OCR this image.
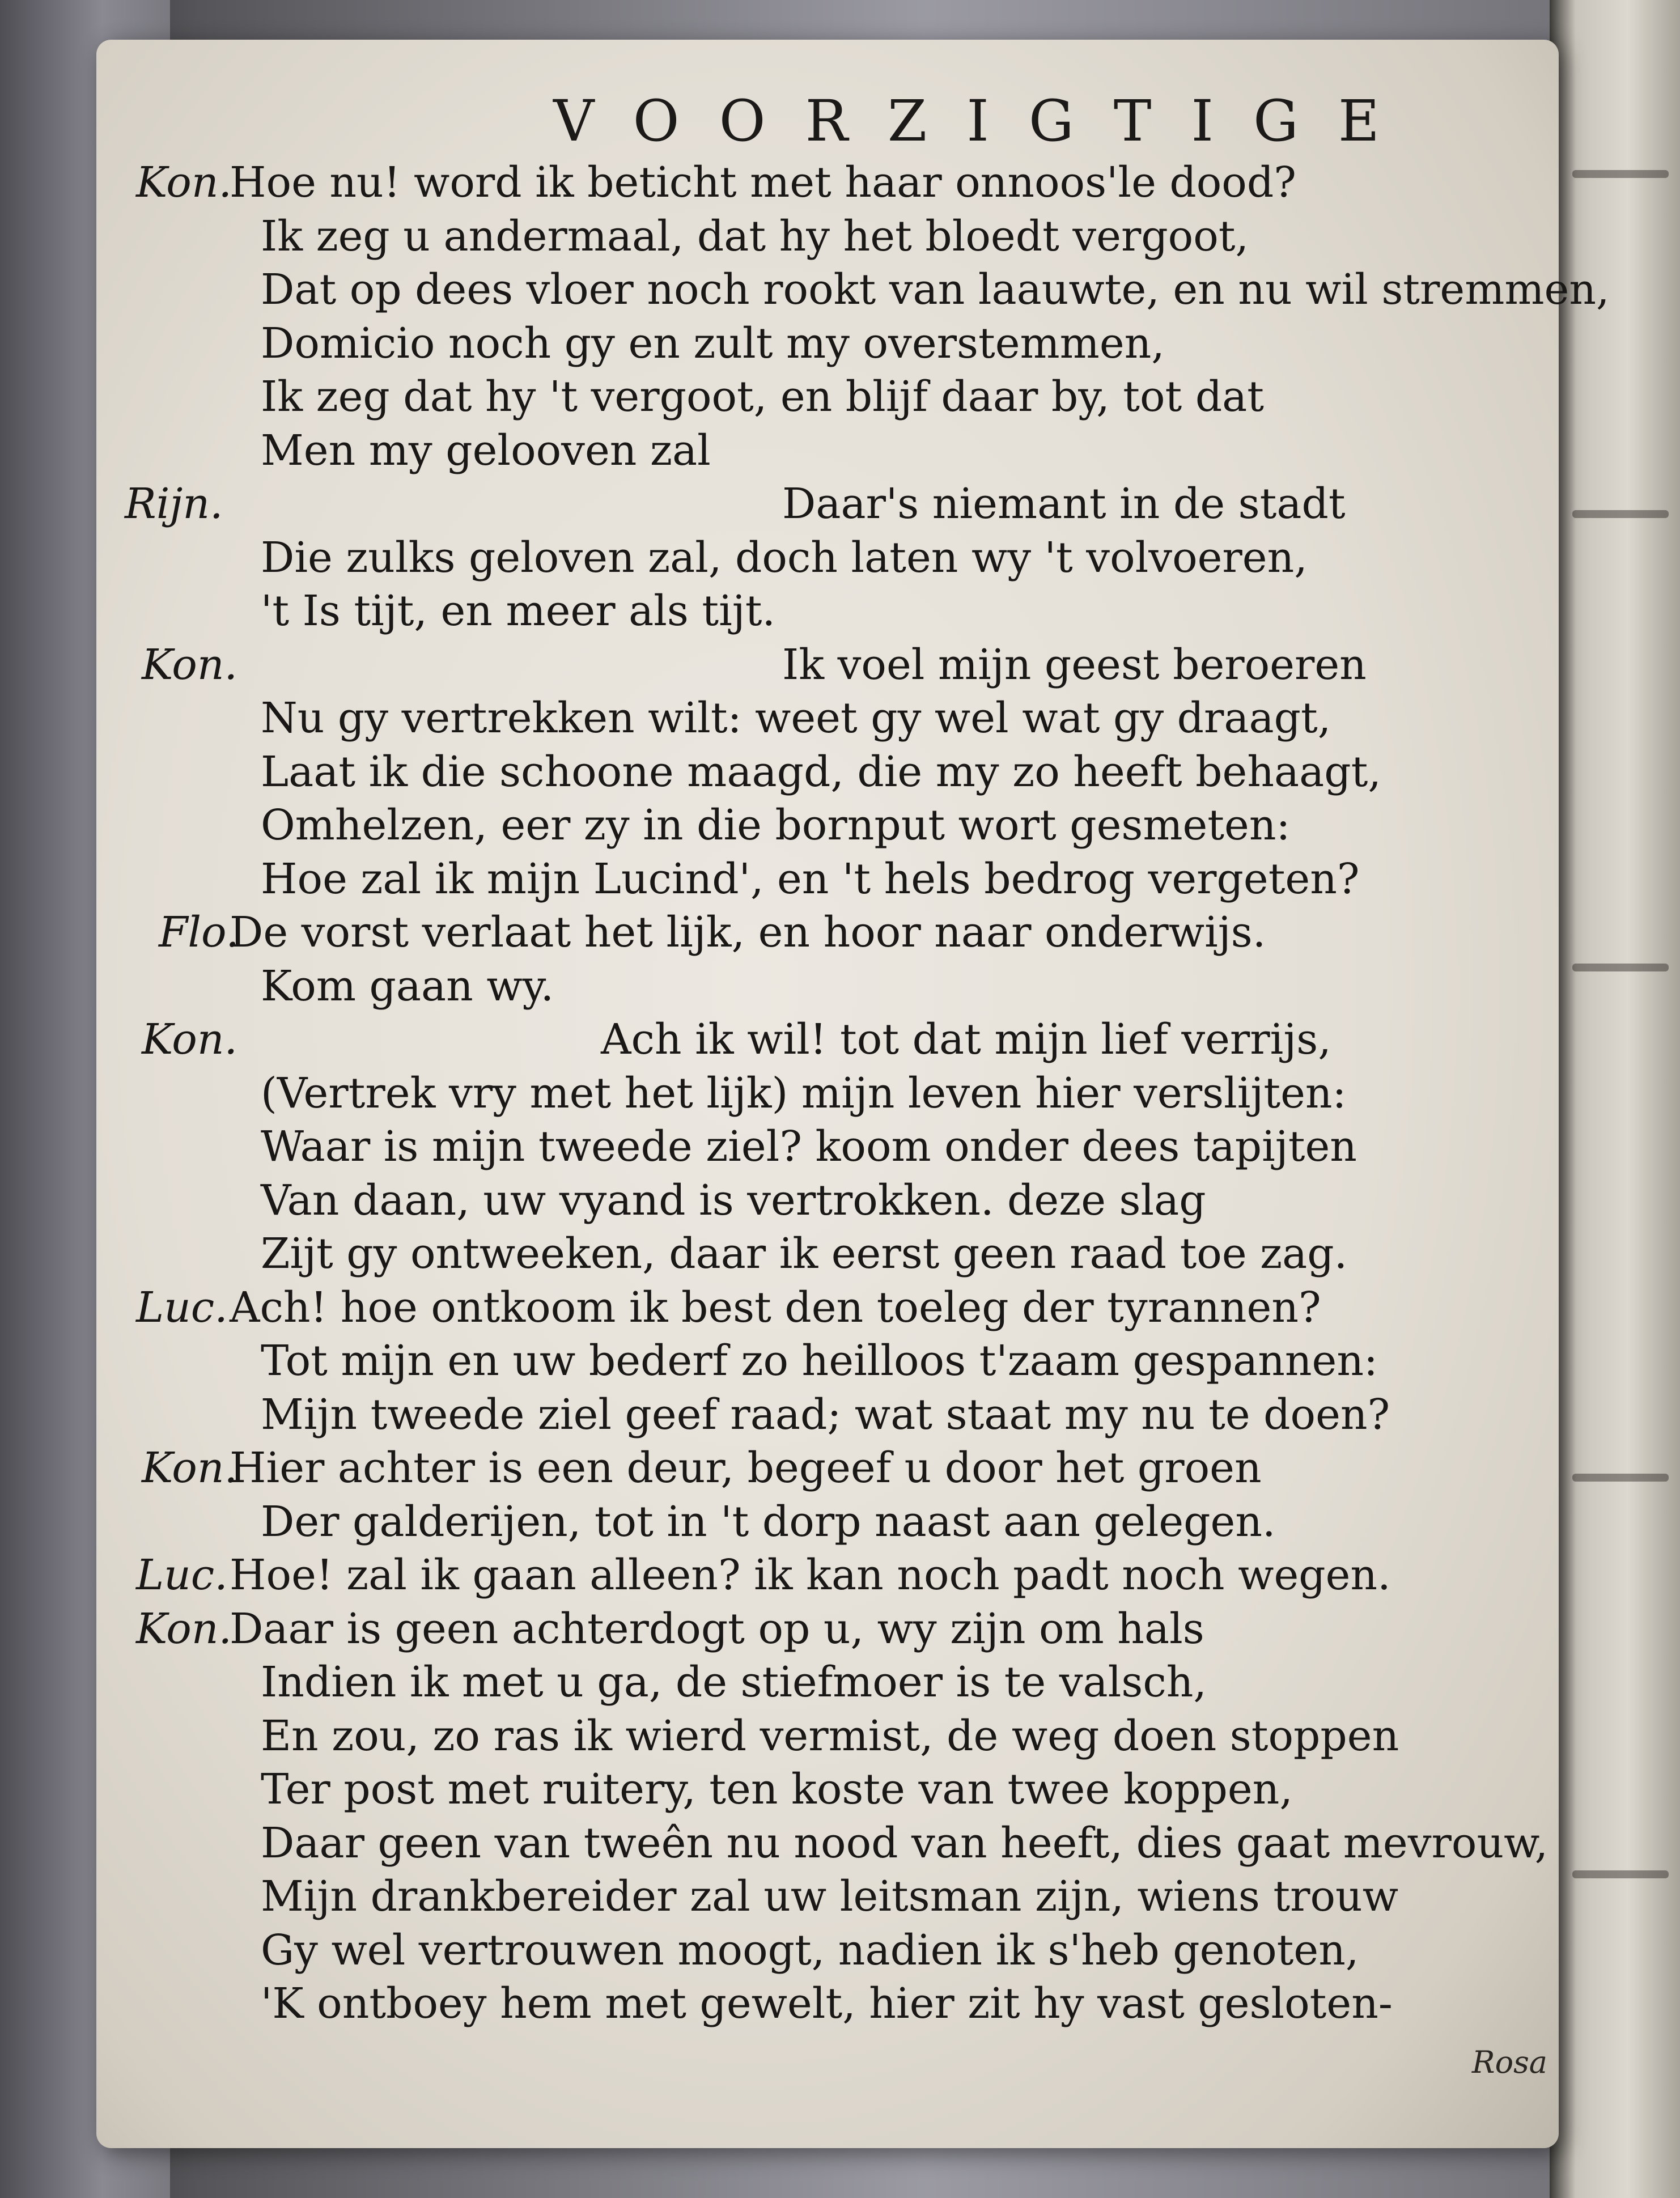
VOORZIGTIGE
Kon.
Hoe nu! word ik beticht met haar onnoos'le dood?
Ik zeg u andermaal, dat hy het bloedt vergoot,
Dat op dees vloer noch rookt van laauwte, en nu wil stremmen,
Domicio noch gy en zult my overstemmen,
Ik zeg dat hy 't vergoot, en blijf daar by, tot dat
Men my gelooven zal
Rijn.	Daar's niemant in de stadt
Die zulks geloven zal, doch laten wy 't volvoeren,
't Is tijt, en meer als tijt.
Kon.	Ik voel mijn geest beroeren
Nu gy vertrekken wilt: weet gy wel wat gy draagt,
Laat ik die schoone maagd, die my zo heeft behaagt,
Omhelzen, eer zy in die bornput wort gesmeten:
Hoe zal ik mijn Lucind', en 't hels bedrog vergeten?
Flo.
De vorst verlaat het lijk, en hoor naar onderwijs.
Kom gaan wy.
Kon.	Ach ik wil! tot dat mijn lief verrijs,
(Vertrek vry met het lijk) mijn leven hier verslijten:
Waar is mijn tweede ziel? koom onder dees tapijten
Van daan, uw vyand is vertrokken. deze slag
Zijt gy ontweeken, daar ik eerst geen raad toe zag.
Luc. Ach! hoe ontkoom ik best den toeleg der tyrannen?
Tot mijn en uw bederf zo heilloos t'zaam gespannen:
Mijn tweede ziel geef raad; wat staat my nu te doen?
Kon.
Hier achter is een deur, begeef u door het groen
Der galderijen, tot in 't dorp naast aan gelegen.
Luc. Hoe! zal ik gaan alleen? ik kan noch padt noch wegen.
Kon.
Daar is geen achterdogt op u, wy zijn om hals
Indien ik met u ga, de stiefmoer is te valsch,
En zou, zo ras ik wierd vermist, de weg doen stoppen
Ter post met ruitery, ten koste van twee koppen,
Daar geen van tweên nu nood van heeft, dies gaat mevrouw,
Mijn drankbereider zal uw leitsman zijn, wiens trouw
Gy wel vertrouwen moogt, nadien ik s'heb genoten,
'K ontboey hem met gewelt, hier zit hy vast gesloten-
Rosa
